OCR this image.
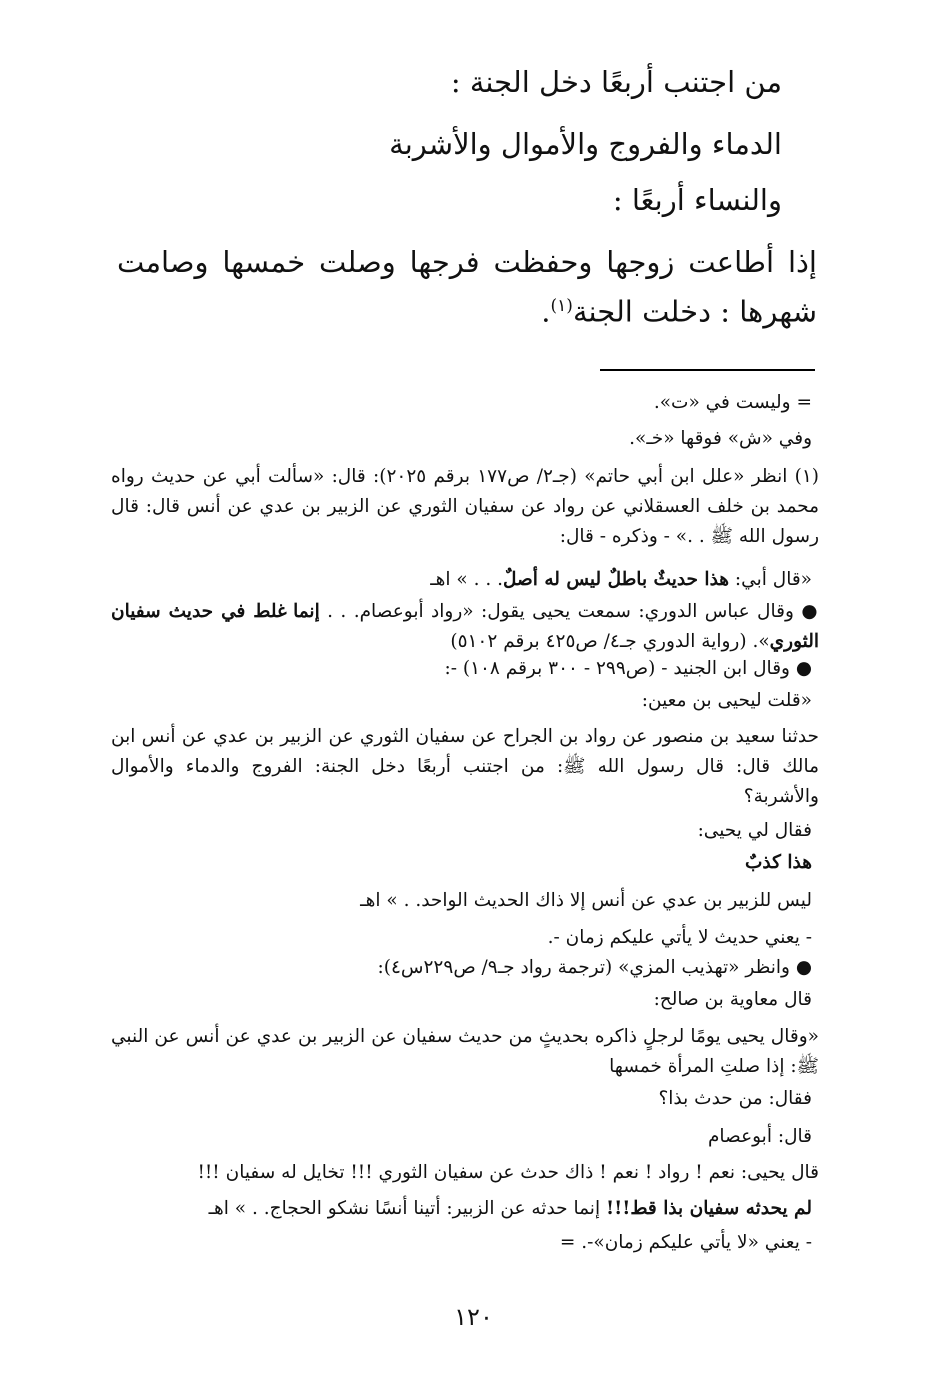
من اجتنب أربعًا دخل الجنة :
الدماء والفروج والأموال والأشربة
والنساء أربعًا :
إذا أطاعت زوجها وحفظت فرجها وصلت خمسها وصامت شهرها : دخلت الجنة$^{(١)}$.
= وليست في «ت».
وفي «ش» فوقها «خـ».
(١) انظر «علل ابن أبي حاتم» (جـ٢/ ص١٧٧ برقم ٢٠٢٥): قال: «سألت أبي عن حديث رواه محمد بن خلف العسقلاني عن رواد عن سفيان الثوري عن الزبير بن عدي عن أنس قال: قال رسول الله ﷺ . .» - وذكره - قال:
«قال أبي: هذا حديثٌ باطلٌ ليس له أصلٌ. . . » اهـ
● وقال عباس الدوري: سمعت يحيى يقول: «رواد أبوعصام. . . إنما غلط في حديث سفيان الثوري». (رواية الدوري جـ٤/ ص٤٢٥ برقم ٥١٠٢)
● وقال ابن الجنيد - (ص٢٩٩ - ٣٠٠ برقم ١٠٨) -:
«قلت ليحيى بن معين:
حدثنا سعيد بن منصور عن رواد بن الجراح عن سفيان الثوري عن الزبير بن عدي عن أنس ابن مالك قال: قال رسول الله ﷺ: من اجتنب أربعًا دخل الجنة: الفروج والدماء والأموال والأشربة؟
فقال لي يحيى:
هذا كذبٌ
ليس للزبير بن عدي عن أنس إلا ذاك الحديث الواحد. . » اهـ
- يعني حديث لا يأتي عليكم زمان -.
● وانظر «تهذيب المزي» (ترجمة رواد جـ٩/ ص٢٢٩س٤):
قال معاوية بن صالح:
«وقال يحيى يومًا لرجلٍ ذاكره بحديثٍ من حديث سفيان عن الزبير بن عدي عن أنس عن النبي ﷺ: إذا صلتِ المرأة خمسها
فقال: من حدث بذا؟
قال: أبوعصام
قال يحيى: نعم ! رواد ! نعم ! ذاك حدث عن سفيان الثوري !!! تخايل له سفيان !!!
لم يحدثه سفيان بذا قط!!! إنما حدثه عن الزبير: أتينا أنسًا نشكو الحجاج. . » اهـ
- يعني «لا يأتي عليكم زمان»-. =
١٢٠
